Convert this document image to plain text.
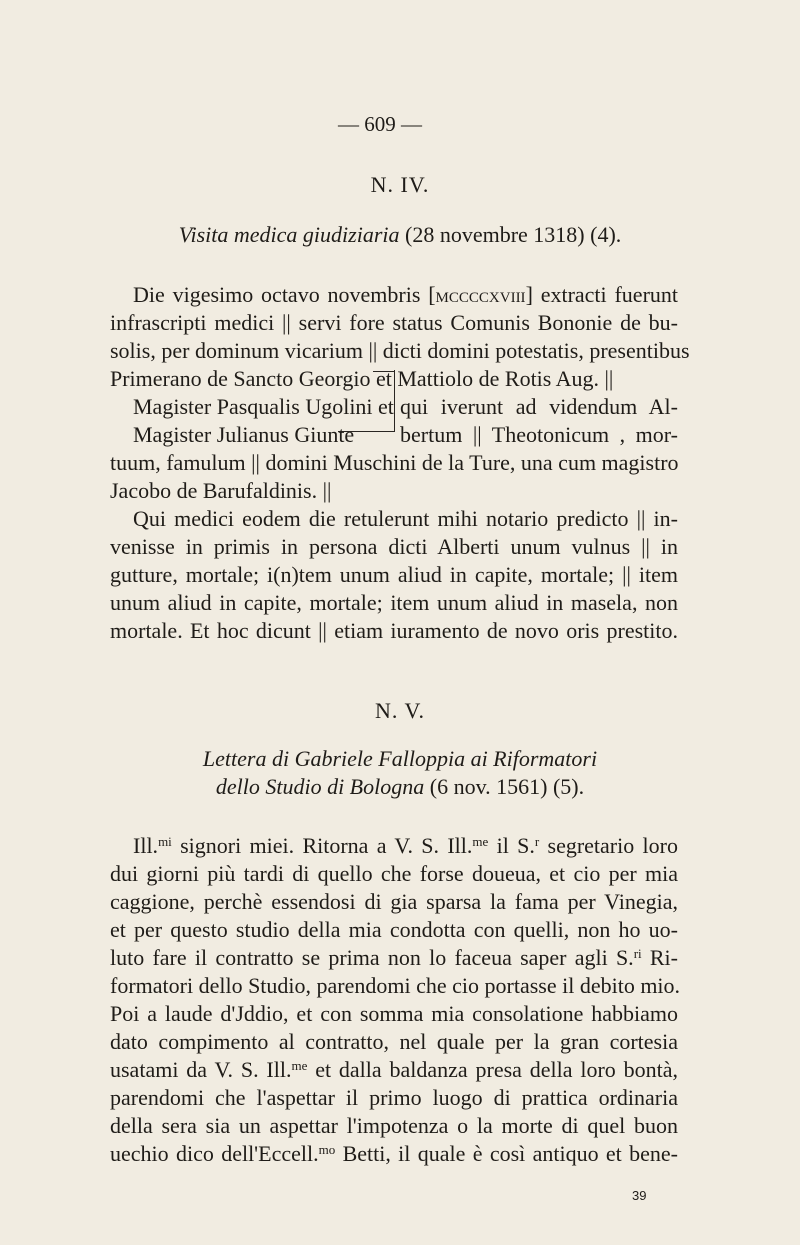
— 609 —
N. IV.
Visita medica giudiziaria (28 novembre 1318) (4).
Die vigesimo octavo novembris [mccccxviii] extracti fuerunt
infrascripti medici || servi fore status Comunis Bononie de bu-
solis, per dominum vicarium || dicti domini potestatis, presentibus
Primerano de Sancto Georgio et Mattiolo de Rotis Aug. ||
Magister Pasqualis Ugolini et
Magister Julianus Giunte
qui iverunt ad videndum Al-
bertum || Theotonicum , mor-
tuum, famulum || domini Muschini de la Ture, una cum magistro
Jacobo de Barufaldinis. ||
Qui medici eodem die retulerunt mihi notario predicto || in-
venisse in primis in persona dicti Alberti unum vulnus || in
gutture, mortale; i(n)tem unum aliud in capite, mortale; || item
unum aliud in capite, mortale; item unum aliud in masela, non
mortale. Et hoc dicunt || etiam iuramento de novo oris prestito.
N. V.
Lettera di Gabriele Falloppia ai Riformatori
dello Studio di Bologna (6 nov. 1561) (5).
Ill.$^{mi}$ signori miei. Ritorna a V. S. Ill.$^{me}$ il S.$^r$ segretario loro
dui giorni più tardi di quello che forse doueua, et cio per mia
caggione, perchè essendosi di gia sparsa la fama per Vinegia,
et per questo studio della mia condotta con quelli, non ho uo-
luto fare il contratto se prima non lo faceua saper agli S.$^{ri}$ Ri-
formatori dello Studio, parendomi che cio portasse il debito mio.
Poi a laude d'Jddio, et con somma mia consolatione habbiamo
dato compimento al contratto, nel quale per la gran cortesia
usatami da V. S. Ill.$^{me}$ et dalla baldanza presa della loro bontà,
parendomi che l'aspettar il primo luogo di prattica ordinaria
della sera sia un aspettar l'impotenza o la morte di quel buon
uechio dico dell'Eccell.$^{mo}$ Betti, il quale è così antiquo et bene-
39
